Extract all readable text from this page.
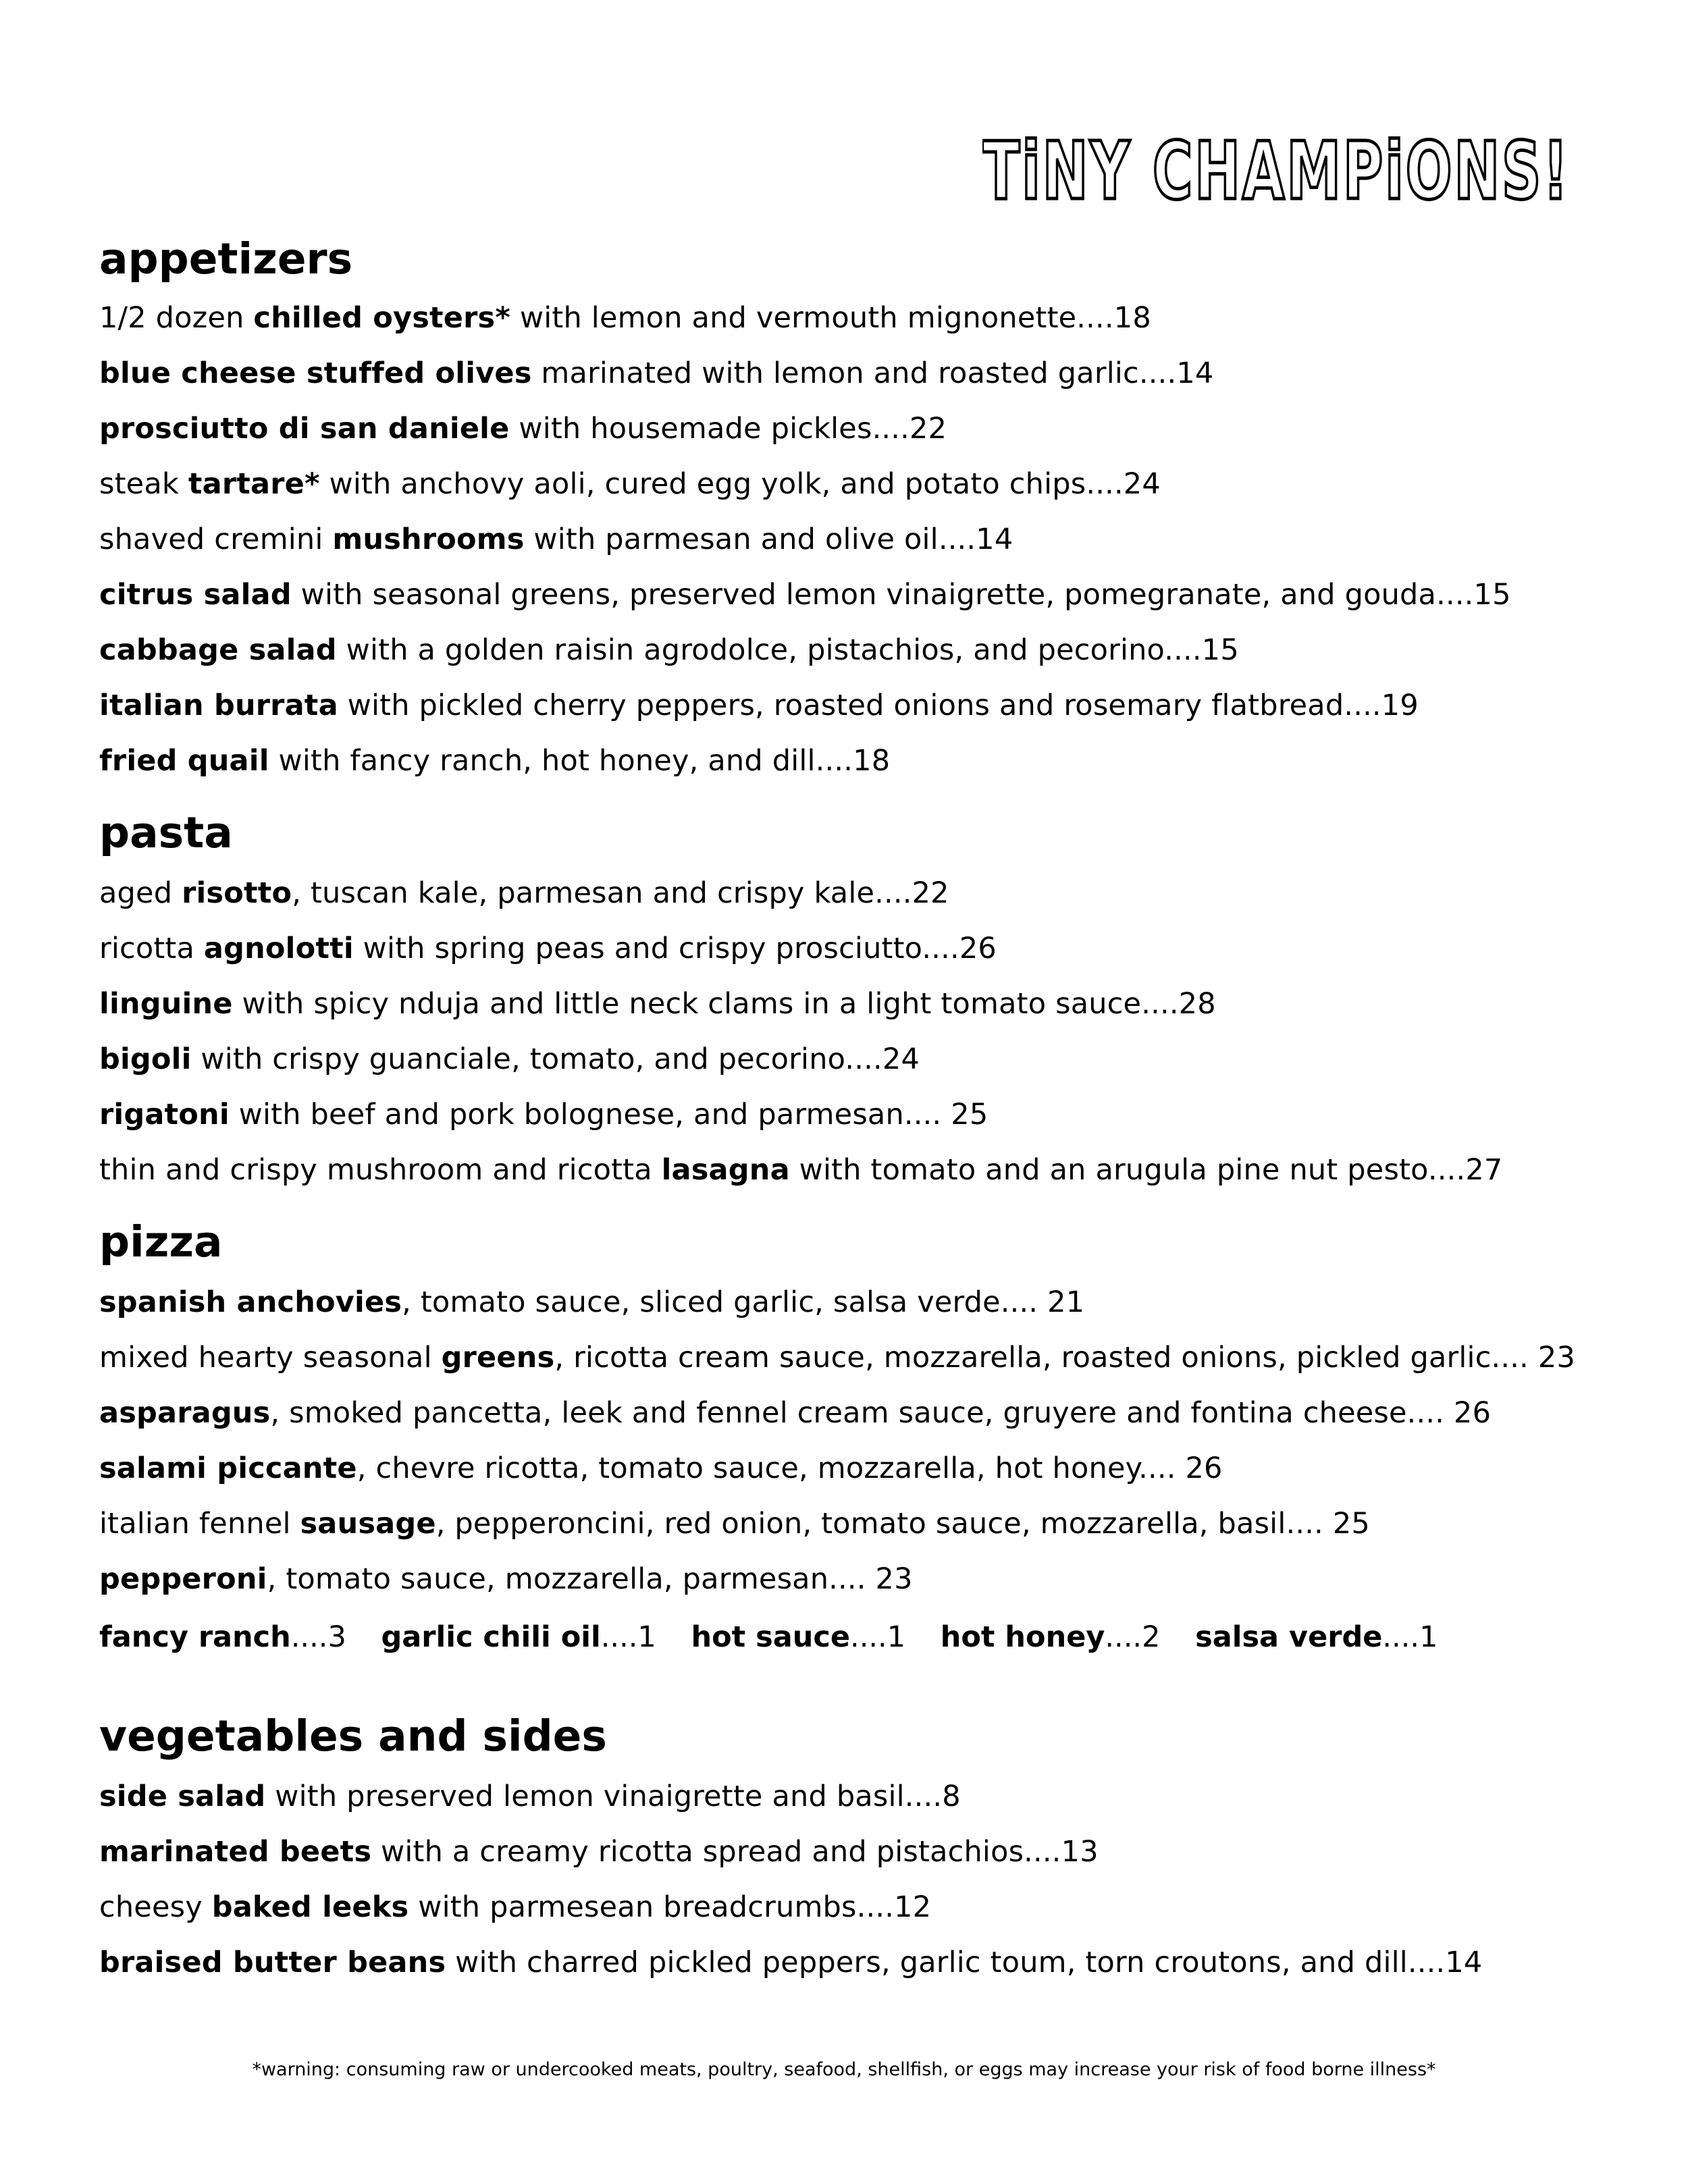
TiNY CHAMPiONS!
appetizers
1/2 dozen chilled oysters* with lemon and vermouth mignonette....18
blue cheese stuffed olives marinated with lemon and roasted garlic....14
prosciutto di san daniele with housemade pickles....22
steak tartare* with anchovy aoli, cured egg yolk, and potato chips....24
shaved cremini mushrooms with parmesan and olive oil....14
citrus salad with seasonal greens, preserved lemon vinaigrette, pomegranate, and gouda....15
cabbage salad with a golden raisin agrodolce, pistachios, and pecorino....15
italian burrata with pickled cherry peppers, roasted onions and rosemary flatbread....19
fried quail with fancy ranch, hot honey, and dill....18
pasta
aged risotto, tuscan kale, parmesan and crispy kale....22
ricotta agnolotti with spring peas and crispy prosciutto....26
linguine with spicy nduja and little neck clams in a light tomato sauce....28
bigoli with crispy guanciale, tomato, and pecorino....24
rigatoni with beef and pork bolognese, and parmesan.... 25
thin and crispy mushroom and ricotta lasagna with tomato and an arugula pine nut pesto....27
pizza
spanish anchovies, tomato sauce, sliced garlic, salsa verde.... 21
mixed hearty seasonal greens, ricotta cream sauce, mozzarella, roasted onions, pickled garlic.... 23
asparagus, smoked pancetta, leek and fennel cream sauce, gruyere and fontina cheese.... 26
salami piccante, chevre ricotta, tomato sauce, mozzarella, hot honey.... 26
italian fennel sausage, pepperoncini, red onion, tomato sauce, mozzarella, basil.... 25
pepperoni, tomato sauce, mozzarella, parmesan.... 23
fancy ranch....3 garlic chili oil....1 hot sauce....1 hot honey....2 salsa verde....1
vegetables and sides
side salad with preserved lemon vinaigrette and basil....8
marinated beets with a creamy ricotta spread and pistachios....13
cheesy baked leeks with parmesean breadcrumbs....12
braised butter beans with charred pickled peppers, garlic toum, torn croutons, and dill....14
*warning: consuming raw or undercooked meats, poultry, seafood, shellfish, or eggs may increase your risk of food borne illness*
